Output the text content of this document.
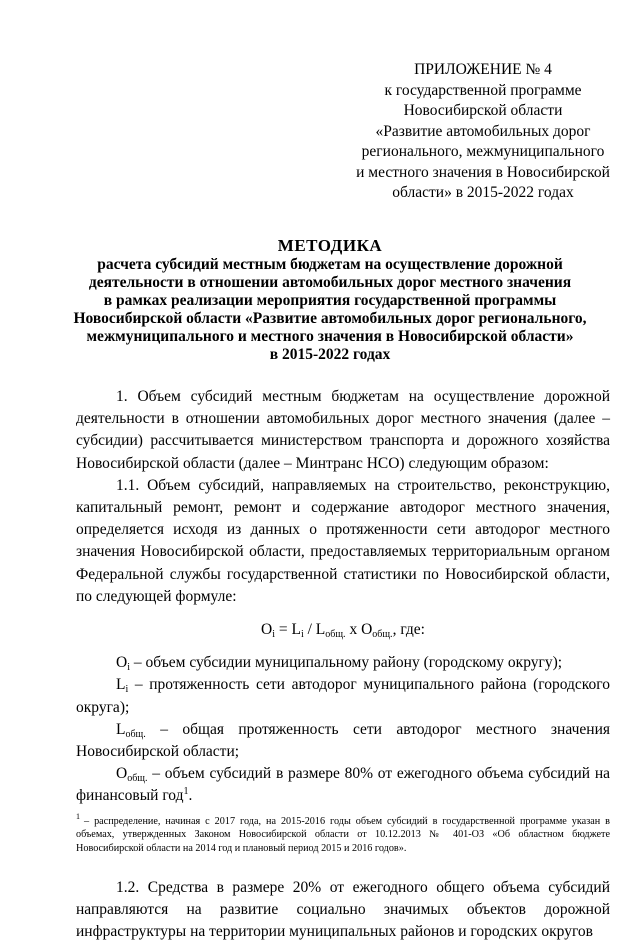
ПРИЛОЖЕНИЕ № 4
к государственной программе
Новосибирской области
«Развитие автомобильных дорог
регионального, межмуниципального
и местного значения в Новосибирской
области» в 2015-2022 годах
МЕТОДИКА
расчета субсидий местным бюджетам на осуществление дорожной
деятельности в отношении автомобильных дорог местного значения
в рамках реализации мероприятия государственной программы
Новосибирской области «Развитие автомобильных дорог регионального,
межмуниципального и местного значения в Новосибирской области»
в 2015-2022 годах

1. Объем субсидий местным бюджетам на осуществление дорожной деятельности в отношении автомобильных дорог местного значения (далее – субсидии) рассчитывается министерством транспорта и дорожного хозяйства Новосибирской области (далее – Минтранс НСО) следующим образом:

1.1. Объем субсидий, направляемых на строительство, реконструкцию, капитальный ремонт, ремонт и содержание автодорог местного значения, определяется исходя из данных о протяженности сети автодорог местного значения Новосибирской области, предоставляемых территориальным органом Федеральной службы государственной статистики по Новосибирской области, по следующей формуле:

$O_i = L_i / L_{общ.}$ x $O_{общ.}$, где:

$O_i$ – объем субсидии муниципальному району (городскому округу);

$L_i$ – протяженность сети автодорог муниципального района (городского округа);

$L_{общ.}$ – общая протяженность сети автодорог местного значения Новосибирской области;

$O_{общ.}$ – объем субсидий в размере 80% от ежегодного объема субсидий на финансовый год$^1$.

$^1$ – распределение, начиная с 2017 года, на 2015-2016 годы объем субсидий в государственной программе указан в объемах, утвержденных Законом Новосибирской области от 10.12.2013 № 401-ОЗ «Об областном бюджете Новосибирской области на 2014 год и плановый период 2015 и 2016 годов».

1.2. Средства в размере 20% от ежегодного общего объема субсидий направляются на развитие социально значимых объектов дорожной инфраструктуры на территории муниципальных районов и городских округов
